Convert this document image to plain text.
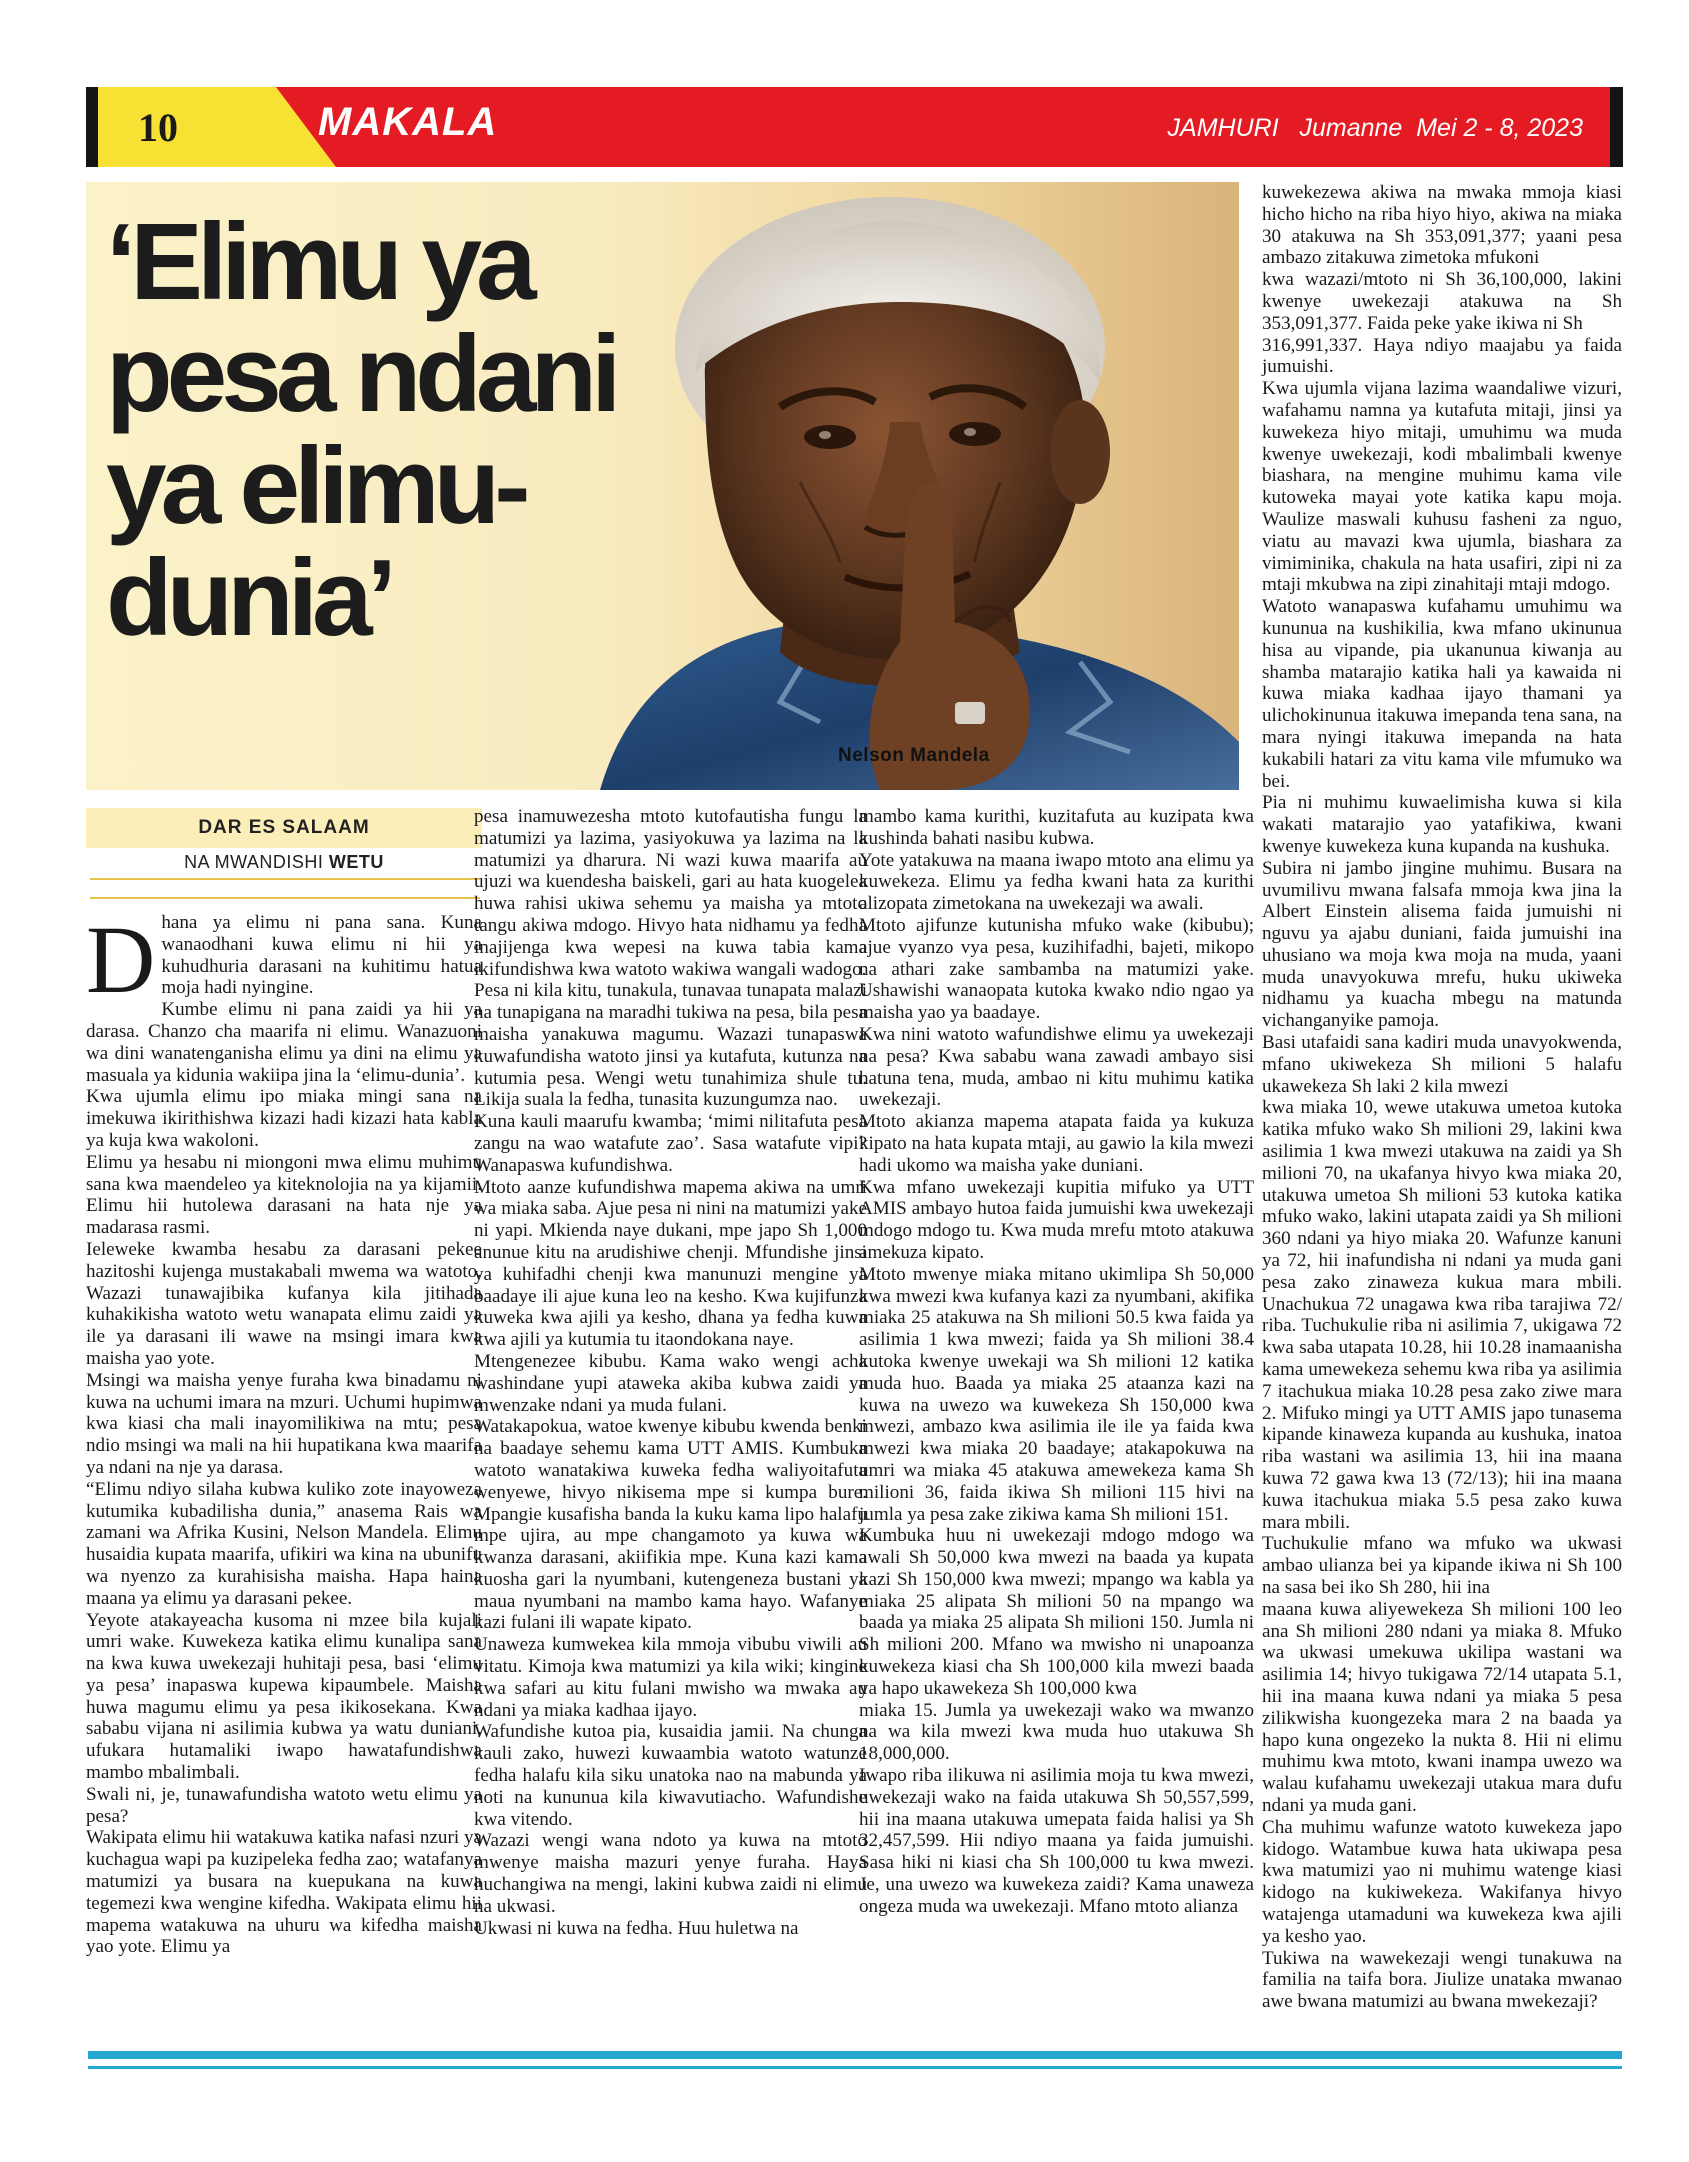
10	MAKALA	JAMHURI   Jumanne  Mei 2 - 8, 2023
‘Elimu ya pesa ndani ya elimu-dunia’
Nelson Mandela
DAR ES SALAAM
NA MWANDISHI WETU
Dhana ya elimu ni pana sana. Kuna wanaodhani kuwa elimu ni hii ya kuhudhuria darasani na kuhitimu hatua moja hadi nyingine.
Kumbe elimu ni pana zaidi ya hii ya darasa. Chanzo cha maarifa ni elimu. Wanazuoni wa dini wanatenganisha elimu ya dini na elimu ya masuala ya kidunia wakiipa jina la ‘elimu-dunia’.
Kwa ujumla elimu ipo miaka mingi sana na imekuwa ikirithishwa kizazi hadi kizazi hata kabla ya kuja kwa wakoloni.
Elimu ya hesabu ni miongoni mwa elimu muhimu sana kwa maendeleo ya kiteknolojia na ya kijamii. Elimu hii hutolewa darasani na hata nje ya madarasa rasmi.
Ieleweke kwamba hesabu za darasani pekee hazitoshi kujenga mustakabali mwema wa watoto. Wazazi tunawajibika kufanya kila jitihada kuhakikisha watoto wetu wanapata elimu zaidi ya ile ya darasani ili wawe na msingi imara kwa maisha yao yote.
Msingi wa maisha yenye furaha kwa binadamu ni kuwa na uchumi imara na mzuri. Uchumi hupimwa kwa kiasi cha mali inayomilikiwa na mtu; pesa ndio msingi wa mali na hii hupatikana kwa maarifa ya ndani na nje ya darasa.
“Elimu ndiyo silaha kubwa kuliko zote inayoweza kutumika kubadilisha dunia,” anasema Rais wa zamani wa Afrika Kusini, Nelson Mandela. Elimu husaidia kupata maarifa, ufikiri wa kina na ubunifu wa nyenzo za kurahisisha maisha. Hapa haina maana ya elimu ya darasani pekee.
Yeyote atakayeacha kusoma ni mzee bila kujali umri wake. Kuwekeza katika elimu kunalipa sana na kwa kuwa uwekezaji huhitaji pesa, basi ‘elimu ya pesa’ inapaswa kupewa kipaumbele. Maisha huwa magumu elimu ya pesa ikikosekana. Kwa sababu vijana ni asilimia kubwa ya watu duniani, ufukara hutamaliki iwapo hawatafundishwa mambo mbalimbali.
Swali ni, je, tunawafundisha watoto wetu elimu ya pesa?
Wakipata elimu hii watakuwa katika nafasi nzuri ya kuchagua wapi pa kuzipeleka fedha zao; watafanya matumizi ya busara na kuepukana na kuwa tegemezi kwa wengine kifedha. Wakipata elimu hii mapema watakuwa na uhuru wa kifedha maisha yao yote. Elimu ya
pesa inamuwezesha mtoto kutofautisha fungu la matumizi ya lazima, yasiyokuwa ya lazima na la matumizi ya dharura. Ni wazi kuwa maarifa au ujuzi wa kuendesha baiskeli, gari au hata kuogelea huwa rahisi ukiwa sehemu ya maisha ya mtoto tangu akiwa mdogo. Hivyo hata nidhamu ya fedha inajijenga kwa wepesi na kuwa tabia kama ikifundishwa kwa watoto wakiwa wangali wadogo.
Pesa ni kila kitu, tunakula, tunavaa tunapata malazi na tunapigana na maradhi tukiwa na pesa, bila pesa maisha yanakuwa magumu. Wazazi tunapaswa kuwafundisha watoto jinsi ya kutafuta, kutunza na kutumia pesa. Wengi wetu tunahimiza shule tu. Likija suala la fedha, tunasita kuzungumza nao.
Kuna kauli maarufu kwamba; ‘mimi nilitafuta pesa zangu na wao watafute zao’. Sasa watafute vipi? Wanapaswa kufundishwa.
Mtoto aanze kufundishwa mapema akiwa na umri wa miaka saba. Ajue pesa ni nini na matumizi yake ni yapi. Mkienda naye dukani, mpe japo Sh 1,000 anunue kitu na arudishiwe chenji. Mfundishe jinsi ya kuhifadhi chenji kwa manunuzi mengine ya baadaye ili ajue kuna leo na kesho. Kwa kujifunza kuweka kwa ajili ya kesho, dhana ya fedha kuwa kwa ajili ya kutumia tu itaondokana naye.
Mtengenezee kibubu. Kama wako wengi acha washindane yupi ataweka akiba kubwa zaidi ya mwenzake ndani ya muda fulani.
Watakapokua, watoe kwenye kibubu kwenda benki na baadaye sehemu kama UTT AMIS. Kumbuka watoto wanatakiwa kuweka fedha waliyoitafuta wenyewe, hivyo nikisema mpe si kumpa bure. Mpangie kusafisha banda la kuku kama lipo halafu mpe ujira, au mpe changamoto ya kuwa wa kwanza darasani, akiifikia mpe. Kuna kazi kama kuosha gari la nyumbani, kutengeneza bustani ya maua nyumbani na mambo kama hayo. Wafanye kazi fulani ili wapate kipato.
Unaweza kumwekea kila mmoja vibubu viwili au vitatu. Kimoja kwa matumizi ya kila wiki; kingine kwa safari au kitu fulani mwisho wa mwaka au ndani ya miaka kadhaa ijayo.
Wafundishe kutoa pia, kusaidia jamii. Na chunga kauli zako, huwezi kuwaambia watoto watunze fedha halafu kila siku unatoka nao na mabunda ya noti na kununua kila kiwavutiacho. Wafundishe kwa vitendo.
Wazazi wengi wana ndoto ya kuwa na mtoto mwenye maisha mazuri yenye furaha. Haya huchangiwa na mengi, lakini kubwa zaidi ni elimu na ukwasi.
Ukwasi ni kuwa na fedha. Huu huletwa na
mambo kama kurithi, kuzitafuta au kuzipata kwa kushinda bahati nasibu kubwa.
Yote yatakuwa na maana iwapo mtoto ana elimu ya kuwekeza. Elimu ya fedha kwani hata za kurithi alizopata zimetokana na uwekezaji wa awali.
Mtoto ajifunze kutunisha mfuko wake (kibubu); ajue vyanzo vya pesa, kuzihifadhi, bajeti, mikopo na athari zake sambamba na matumizi yake. Ushawishi wanaopata kutoka kwako ndio ngao ya maisha yao ya baadaye.
Kwa nini watoto wafundishwe elimu ya uwekezaji na pesa? Kwa sababu wana zawadi ambayo sisi hatuna tena, muda, ambao ni kitu muhimu katika uwekezaji.
Mtoto akianza mapema atapata faida ya kukuza kipato na hata kupata mtaji, au gawio la kila mwezi hadi ukomo wa maisha yake duniani.
Kwa mfano uwekezaji kupitia mifuko ya UTT AMIS ambayo hutoa faida jumuishi kwa uwekezaji mdogo mdogo tu. Kwa muda mrefu mtoto atakuwa amekuza kipato.
Mtoto mwenye miaka mitano ukimlipa Sh 50,000 kwa mwezi kwa kufanya kazi za nyumbani, akifika miaka 25 atakuwa na Sh milioni 50.5 kwa faida ya asilimia 1 kwa mwezi; faida ya Sh milioni 38.4 kutoka kwenye uwekaji wa Sh milioni 12 katika muda huo. Baada ya miaka 25 ataanza kazi na kuwa na uwezo wa kuwekeza Sh 150,000 kwa mwezi, ambazo kwa asilimia ile ile ya faida kwa mwezi kwa miaka 20 baadaye; atakapokuwa na umri wa miaka 45 atakuwa amewekeza kama Sh milioni 36, faida ikiwa Sh milioni 115 hivi na jumla ya pesa zake zikiwa kama Sh milioni 151.
Kumbuka huu ni uwekezaji mdogo mdogo wa awali Sh 50,000 kwa mwezi na baada ya kupata kazi Sh 150,000 kwa mwezi; mpango wa kabla ya miaka 25 alipata Sh milioni 50 na mpango wa baada ya miaka 25 alipata Sh milioni 150. Jumla ni Sh milioni 200. Mfano wa mwisho ni unapoanza kuwekeza kiasi cha Sh 100,000 kila mwezi baada ya hapo ukawekeza Sh 100,000 kwa
miaka 15. Jumla ya uwekezaji wako wa mwanzo na wa kila mwezi kwa muda huo utakuwa Sh 18,000,000.
Iwapo riba ilikuwa ni asilimia moja tu kwa mwezi, uwekezaji wako na faida utakuwa Sh 50,557,599, hii ina maana utakuwa umepata faida halisi ya Sh 32,457,599. Hii ndiyo maana ya faida jumuishi. Sasa hiki ni kiasi cha Sh 100,000 tu kwa mwezi. Je, una uwezo wa kuwekeza zaidi? Kama unaweza ongeza muda wa uwekezaji. Mfano mtoto alianza
kuwekezewa akiwa na mwaka mmoja kiasi hicho hicho na riba hiyo hiyo, akiwa na miaka 30 atakuwa na Sh 353,091,377; yaani pesa ambazo zitakuwa zimetoka mfukoni
kwa wazazi/mtoto ni Sh 36,100,000, lakini kwenye uwekezaji atakuwa na Sh 353,091,377. Faida peke yake ikiwa ni Sh
316,991,337. Haya ndiyo maajabu ya faida jumuishi.
Kwa ujumla vijana lazima waandaliwe vizuri, wafahamu namna ya kutafuta mitaji, jinsi ya kuwekeza hiyo mitaji, umuhimu wa muda kwenye uwekezaji, kodi mbalimbali kwenye biashara, na mengine muhimu kama vile kutoweka mayai yote katika kapu moja. Waulize maswali kuhusu fasheni za nguo, viatu au mavazi kwa ujumla, biashara za vimiminika, chakula na hata usafiri, zipi ni za mtaji mkubwa na zipi zinahitaji mtaji mdogo.
Watoto wanapaswa kufahamu umuhimu wa kununua na kushikilia, kwa mfano ukinunua hisa au vipande, pia ukanunua kiwanja au shamba matarajio katika hali ya kawaida ni kuwa miaka kadhaa ijayo thamani ya ulichokinunua itakuwa imepanda tena sana, na mara nyingi itakuwa imepanda na hata kukabili hatari za vitu kama vile mfumuko wa bei.
Pia ni muhimu kuwaelimisha kuwa si kila wakati matarajio yao yatafikiwa, kwani kwenye kuwekeza kuna kupanda na kushuka.
Subira ni jambo jingine muhimu. Busara na uvumilivu mwana falsafa mmoja kwa jina la Albert Einstein alisema faida jumuishi ni nguvu ya ajabu duniani, faida jumuishi ina uhusiano wa moja kwa moja na muda, yaani muda unavyokuwa mrefu, huku ukiweka nidhamu ya kuacha mbegu na matunda vichanganyike pamoja.
Basi utafaidi sana kadiri muda unavyokwenda, mfano ukiwekeza Sh milioni 5 halafu ukawekeza Sh laki 2 kila mwezi
kwa miaka 10, wewe utakuwa umetoa kutoka katika mfuko wako Sh milioni 29, lakini kwa asilimia 1 kwa mwezi utakuwa na zaidi ya Sh milioni 70, na ukafanya hivyo kwa miaka 20, utakuwa umetoa Sh milioni 53 kutoka katika mfuko wako, lakini utapata zaidi ya Sh milioni 360 ndani ya hiyo miaka 20. Wafunze kanuni ya 72, hii inafundisha ni ndani ya muda gani pesa zako zinaweza kukua mara mbili. Unachukua 72 unagawa kwa riba tarajiwa 72/ riba. Tuchukulie riba ni asilimia 7, ukigawa 72 kwa saba utapata 10.28, hii 10.28 inamaanisha kama umewekeza sehemu kwa riba ya asilimia 7 itachukua miaka 10.28 pesa zako ziwe mara 2. Mifuko mingi ya UTT AMIS japo tunasema kipande kinaweza kupanda au kushuka, inatoa riba wastani wa asilimia 13, hii ina maana kuwa 72 gawa kwa 13 (72/13); hii ina maana kuwa itachukua miaka 5.5 pesa zako kuwa mara mbili.
Tuchukulie mfano wa mfuko wa ukwasi ambao ulianza bei ya kipande ikiwa ni Sh 100 na sasa bei iko Sh 280, hii ina
maana kuwa aliyewekeza Sh milioni 100 leo ana Sh milioni 280 ndani ya miaka 8. Mfuko wa ukwasi umekuwa ukilipa wastani wa asilimia 14; hivyo tukigawa 72/14 utapata 5.1, hii ina maana kuwa ndani ya miaka 5 pesa zilikwisha kuongezeka mara 2 na baada ya hapo kuna ongezeko la nukta 8. Hii ni elimu muhimu kwa mtoto, kwani inampa uwezo wa walau kufahamu uwekezaji utakua mara dufu ndani ya muda gani.
Cha muhimu wafunze watoto kuwekeza japo kidogo. Watambue kuwa hata ukiwapa pesa kwa matumizi yao ni muhimu watenge kiasi kidogo na kukiwekeza. Wakifanya hivyo watajenga utamaduni wa kuwekeza kwa ajili ya kesho yao.
Tukiwa na wawekezaji wengi tunakuwa na familia na taifa bora. Jiulize unataka mwanao awe bwana matumizi au bwana mwekezaji?
